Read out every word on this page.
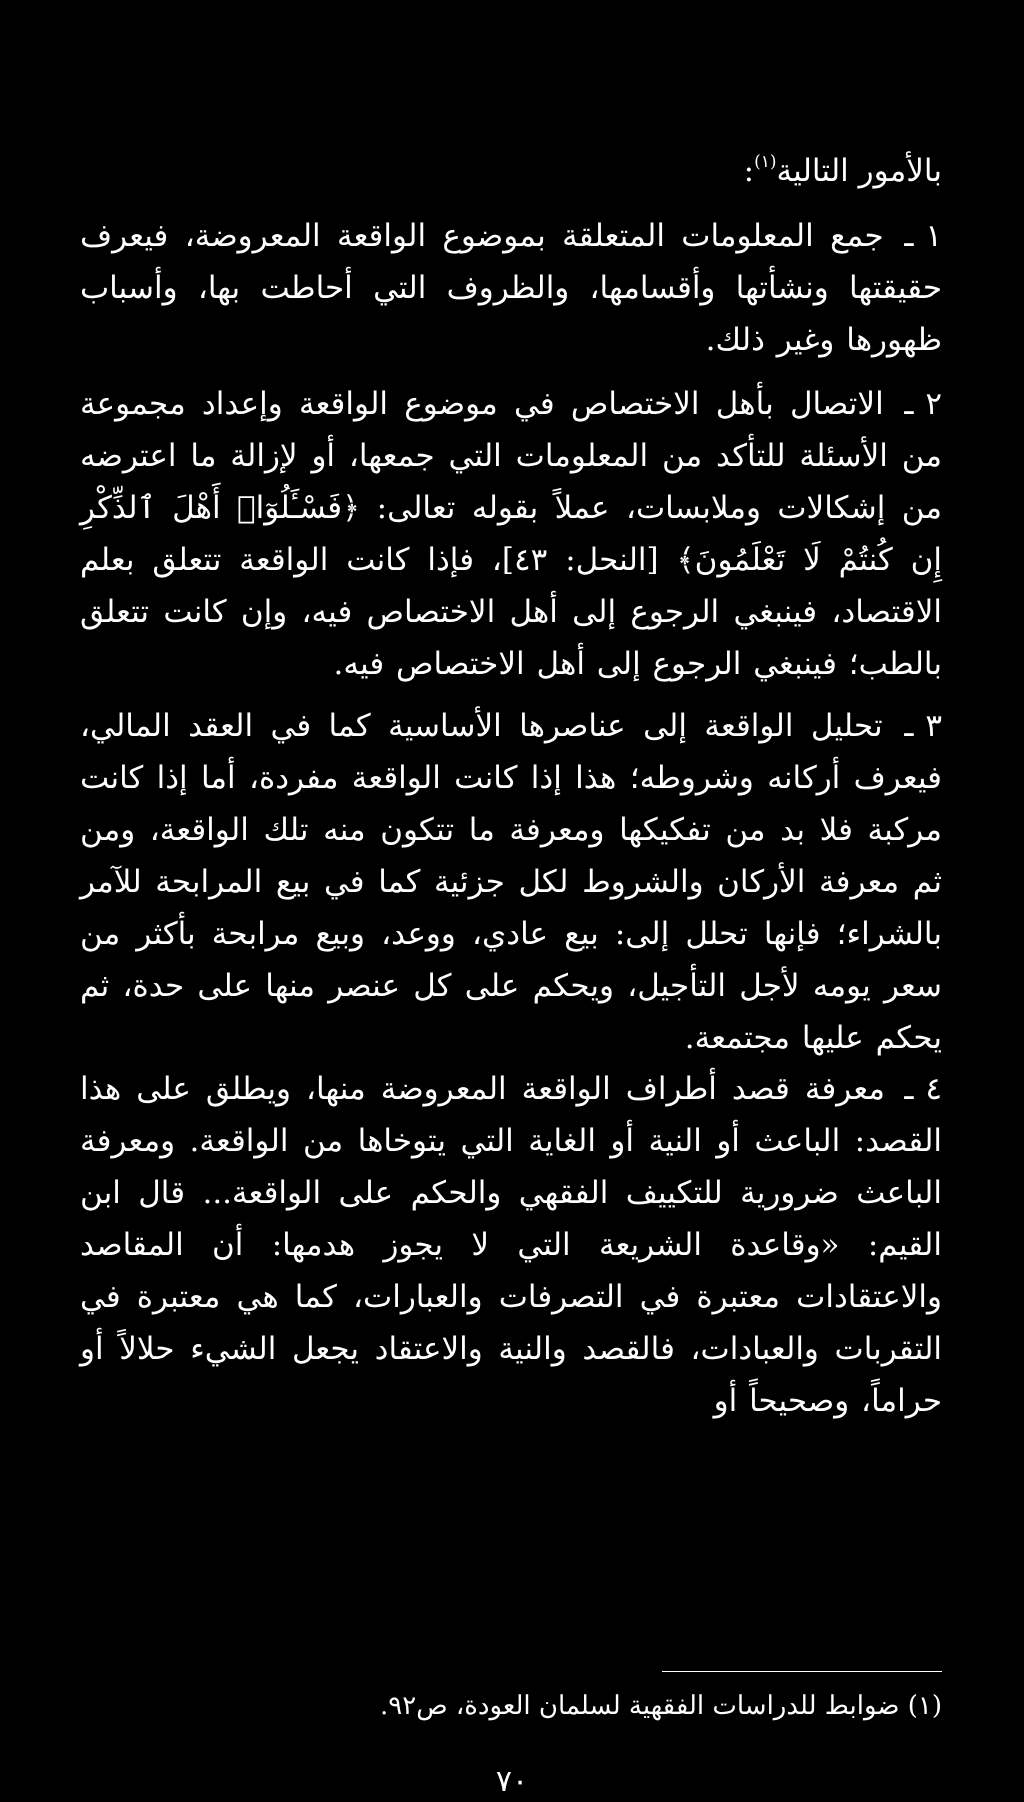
بالأمور التالية$^{(١)}$:
١ ـ جمع المعلومات المتعلقة بموضوع الواقعة المعروضة، فيعرف حقيقتها ونشأتها وأقسامها، والظروف التي أحاطت بها، وأسباب ظهورها وغير ذلك.
٢ ـ الاتصال بأهل الاختصاص في موضوع الواقعة وإعداد مجموعة من الأسئلة للتأكد من المعلومات التي جمعها، أو لإزالة ما اعترضه من إشكالات وملابسات، عملاً بقوله تعالى: ﴿فَسْـَٔلُوٓا۟ أَهْلَ ٱلذِّكْرِ إِن كُنتُمْ لَا تَعْلَمُونَ﴾ [النحل: ٤٣]، فإذا كانت الواقعة تتعلق بعلم الاقتصاد، فينبغي الرجوع إلى أهل الاختصاص فيه، وإن كانت تتعلق بالطب؛ فينبغي الرجوع إلى أهل الاختصاص فيه.
٣ ـ تحليل الواقعة إلى عناصرها الأساسية كما في العقد المالي، فيعرف أركانه وشروطه؛ هذا إذا كانت الواقعة مفردة، أما إذا كانت مركبة فلا بد من تفكيكها ومعرفة ما تتكون منه تلك الواقعة، ومن ثم معرفة الأركان والشروط لكل جزئية كما في بيع المرابحة للآمر بالشراء؛ فإنها تحلل إلى: بيع عادي، ووعد، وبيع مرابحة بأكثر من سعر يومه لأجل التأجيل، ويحكم على كل عنصر منها على حدة، ثم يحكم عليها مجتمعة.
٤ ـ معرفة قصد أطراف الواقعة المعروضة منها، ويطلق على هذا القصد: الباعث أو النية أو الغاية التي يتوخاها من الواقعة. ومعرفة الباعث ضرورية للتكييف الفقهي والحكم على الواقعة... قال ابن القيم: «وقاعدة الشريعة التي لا يجوز هدمها: أن المقاصد والاعتقادات معتبرة في التصرفات والعبارات، كما هي معتبرة في التقربات والعبادات، فالقصد والنية والاعتقاد يجعل الشيء حلالاً أو حراماً، وصحيحاً أو
(١) ضوابط للدراسات الفقهية لسلمان العودة، ص٩٢.
٧٠
